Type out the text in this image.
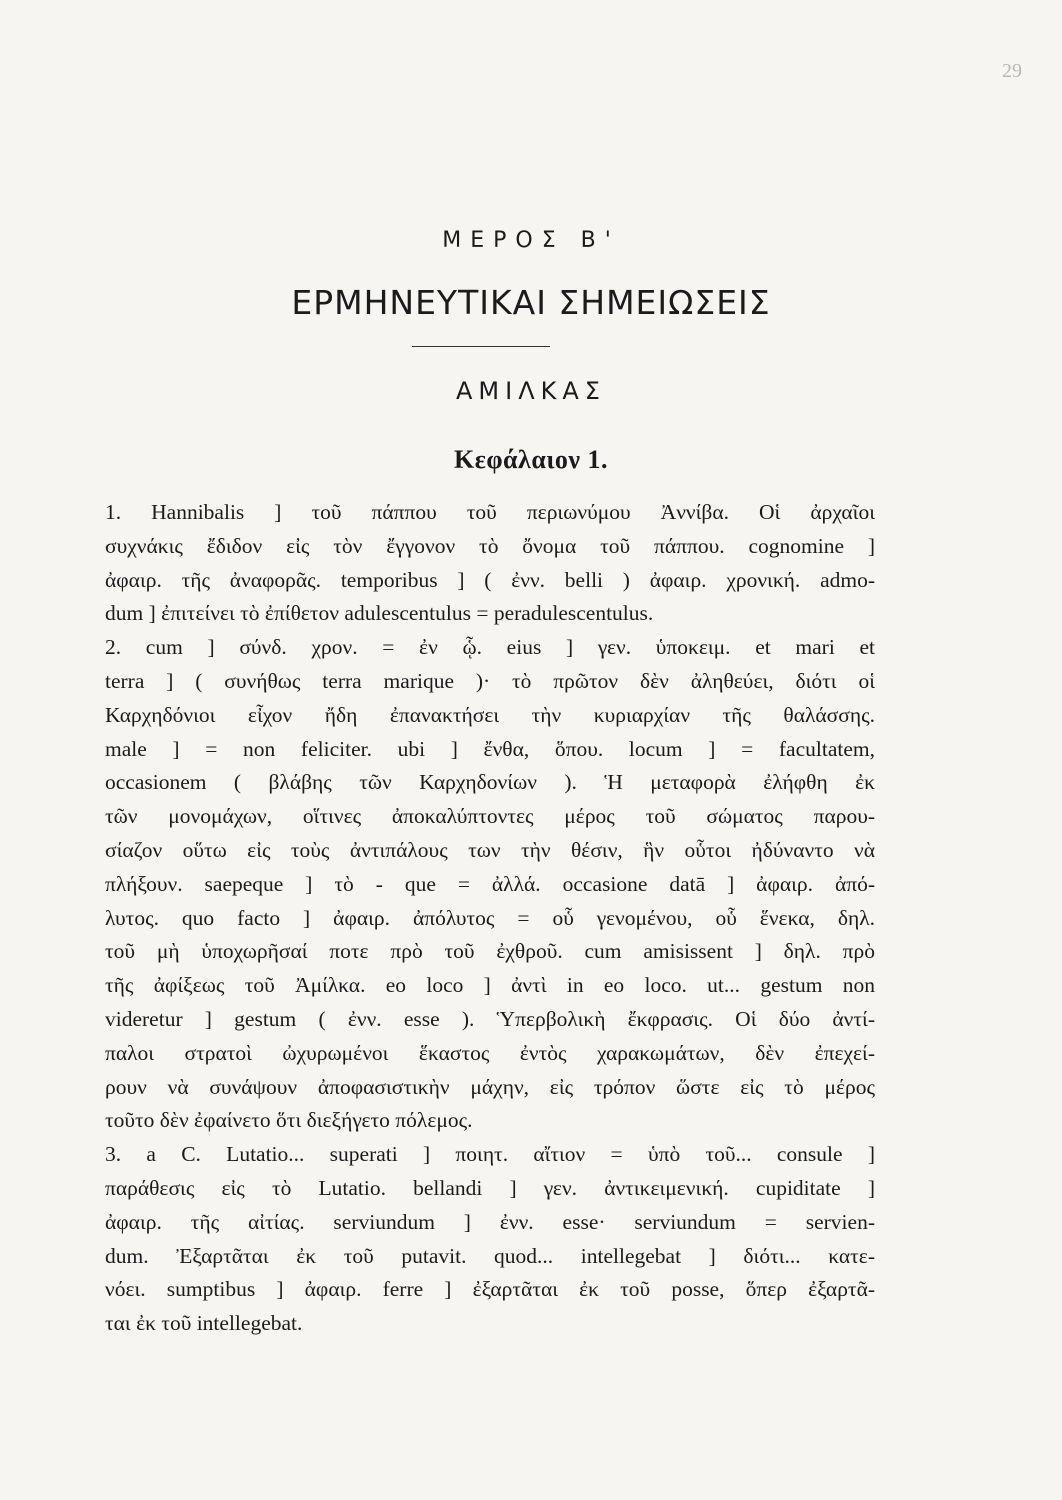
29
ΜΕΡΟΣ Β'
ΕΡΜΗΝΕΥΤΙΚΑΙ ΣΗΜΕΙΩΣΕΙΣ
ΑΜΙΛΚΑΣ
Κεφάλαιον 1.
1. Hannibalis ] τοῦ πάππου τοῦ περιωνύμου Ἀννίβα. Οἱ ἀρχαῖοι
συχνάκις ἔδιδον εἰς τὸν ἔγγονον τὸ ὄνομα τοῦ πάππου. cognomine ]
ἀφαιρ. τῆς ἀναφορᾶς. temporibus ] ( ἐνν. belli ) ἀφαιρ. χρονική. admo-
dum ] ἐπιτείνει τὸ ἐπίθετον adulescentulus = peradulescentulus.
2. cum ] σύνδ. χρον. = ἐν ᾧ. eius ] γεν. ὑποκειμ. et mari et
terra ] ( συνήθως terra marique )· τὸ πρῶτον δὲν ἀληθεύει, διότι οἱ
Καρχηδόνιοι εἶχον ἤδη ἐπανακτήσει τὴν κυριαρχίαν τῆς θαλάσσης.
male ] = non feliciter. ubi ] ἔνθα, ὅπου. locum ] = facultatem,
occasionem ( βλάβης τῶν Καρχηδονίων ). Ἡ μεταφορὰ ἐλήφθη ἐκ
τῶν μονομάχων, οἵτινες ἀποκαλύπτοντες μέρος τοῦ σώματος παρου-
σίαζον οὕτω εἰς τοὺς ἀντιπάλους των τὴν θέσιν, ἣν οὗτοι ἠδύναντο νὰ
πλήξουν. saepeque ] τὸ - que = ἀλλά. occasione datā ] ἀφαιρ. ἀπό-
λυτος. quo facto ] ἀφαιρ. ἀπόλυτος = οὗ γενομένου, οὗ ἕνεκα, δηλ.
τοῦ μὴ ὑποχωρῆσαί ποτε πρὸ τοῦ ἐχθροῦ. cum amisissent ] δηλ. πρὸ
τῆς ἀφίξεως τοῦ Ἀμίλκα. eo loco ] ἀντὶ in eo loco. ut... gestum non
videretur ] gestum ( ἐνν. esse ). Ὑπερβολικὴ ἔκφρασις. Οἱ δύο ἀντί-
παλοι στρατοὶ ὠχυρωμένοι ἕκαστος ἐντὸς χαρακωμάτων, δὲν ἐπεχεί-
ρουν νὰ συνάψουν ἀποφασιστικὴν μάχην, εἰς τρόπον ὥστε εἰς τὸ μέρος
τοῦτο δὲν ἐφαίνετο ὅτι διεξήγετο πόλεμος.
3. a C. Lutatio... superati ] ποιητ. αἴτιον = ὑπὸ τοῦ... consule ]
παράθεσις εἰς τὸ Lutatio. bellandi ] γεν. ἀντικειμενική. cupiditate ]
ἀφαιρ. τῆς αἰτίας. serviundum ] ἐνν. esse· serviundum = servien-
dum. Ἐξαρτᾶται ἐκ τοῦ putavit. quod... intellegebat ] διότι... κατε-
νόει. sumptibus ] ἀφαιρ. ferre ] ἐξαρτᾶται ἐκ τοῦ posse, ὅπερ ἐξαρτᾶ-
ται ἐκ τοῦ intellegebat.
